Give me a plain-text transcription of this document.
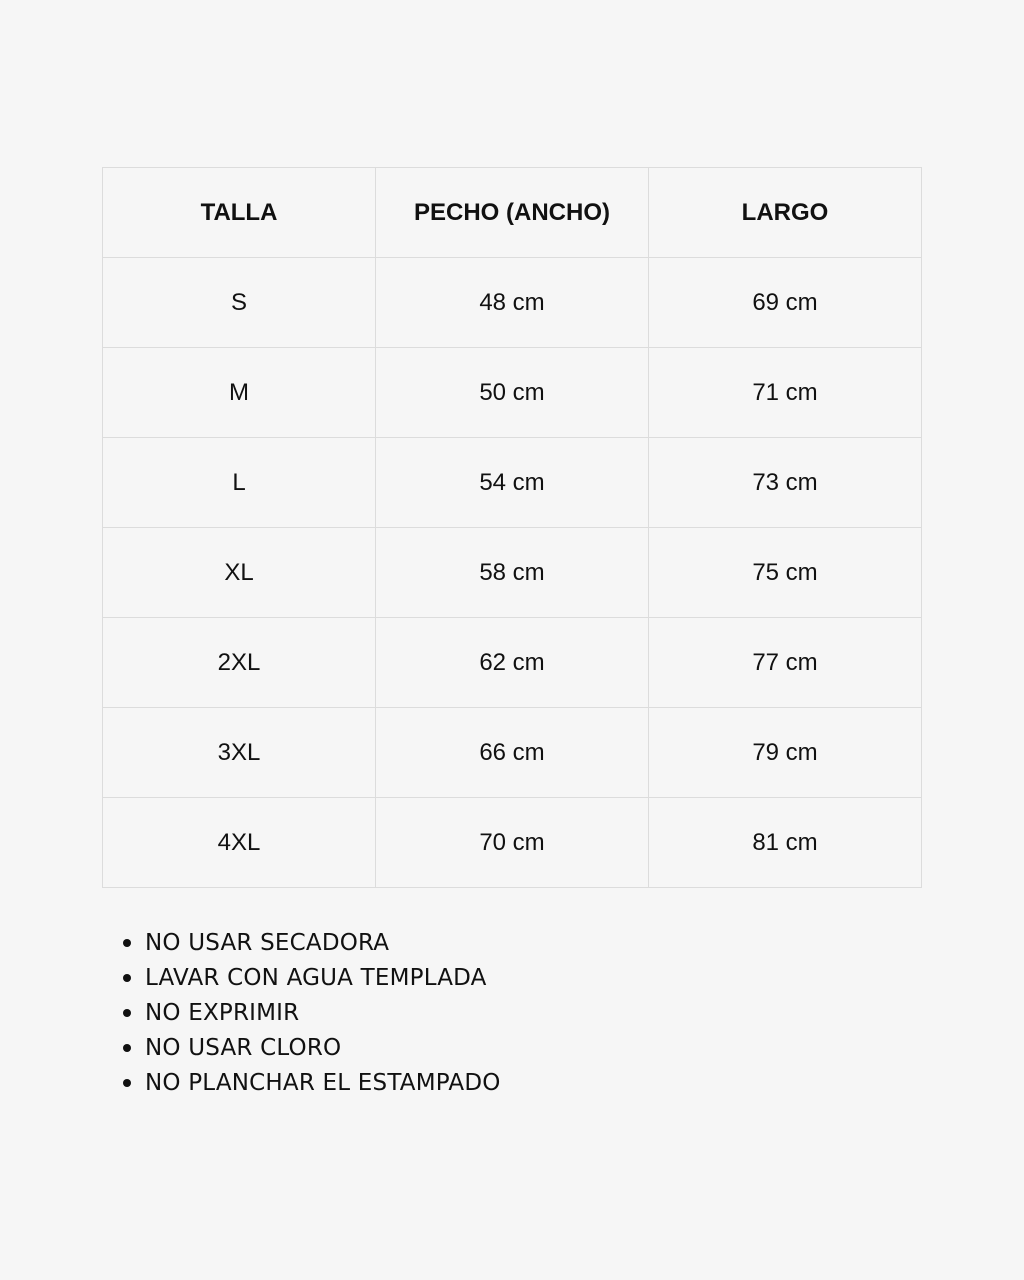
TALLA	PECHO (ANCHO)	LARGO
S	48 cm	69 cm
M	50 cm	71 cm
L	54 cm	73 cm
XL	58 cm	75 cm
2XL	62 cm	77 cm
3XL	66 cm	79 cm
4XL	70 cm	81 cm
NO USAR SECADORA
LAVAR CON AGUA TEMPLADA
NO EXPRIMIR
NO USAR CLORO
NO PLANCHAR EL ESTAMPADO
